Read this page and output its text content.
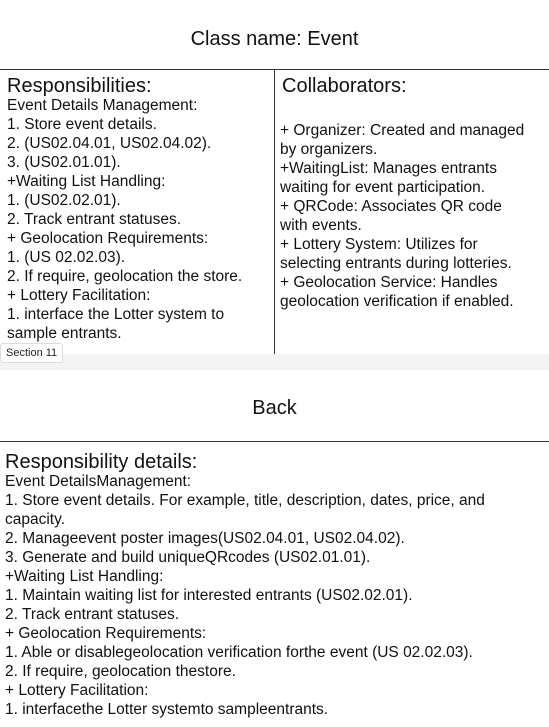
Class name: Event
Responsibilities:	Collaborators:
Event Details Management:
1. Store event details.
2. (US02.04.01, US02.04.02).
3. (US02.01.01).
+Waiting List Handling:
1. (US02.02.01).
2. Track entrant statuses.
+ Geolocation Requirements:
1. (US 02.02.03).
2. If require, geolocation the store.
+ Lottery Facilitation:
1. interface the Lotter system to
sample entrants.
+ Organizer: Created and managed
by organizers.
+WaitingList: Manages entrants
waiting for event participation.
+ QRCode: Associates QR code
with events.
+ Lottery System: Utilizes for
selecting entrants during lotteries.
+ Geolocation Service: Handles
geolocation verification if enabled.
Section 11
Back
Responsibility details:
Event DetailsManagement:
1. Store event details. For example, title, description, dates, price, and
capacity.
2. Manageevent poster images(US02.04.01, US02.04.02).
3. Generate and build uniqueQRcodes (US02.01.01).
+Waiting List Handling:
1. Maintain waiting list for interested entrants (US02.02.01).
2. Track entrant statuses.
+ Geolocation Requirements:
1. Able or disablegeolocation verification forthe event (US 02.02.03).
2. If require, geolocation thestore.
+ Lottery Facilitation:
1. interfacethe Lotter systemto sampleentrants.
